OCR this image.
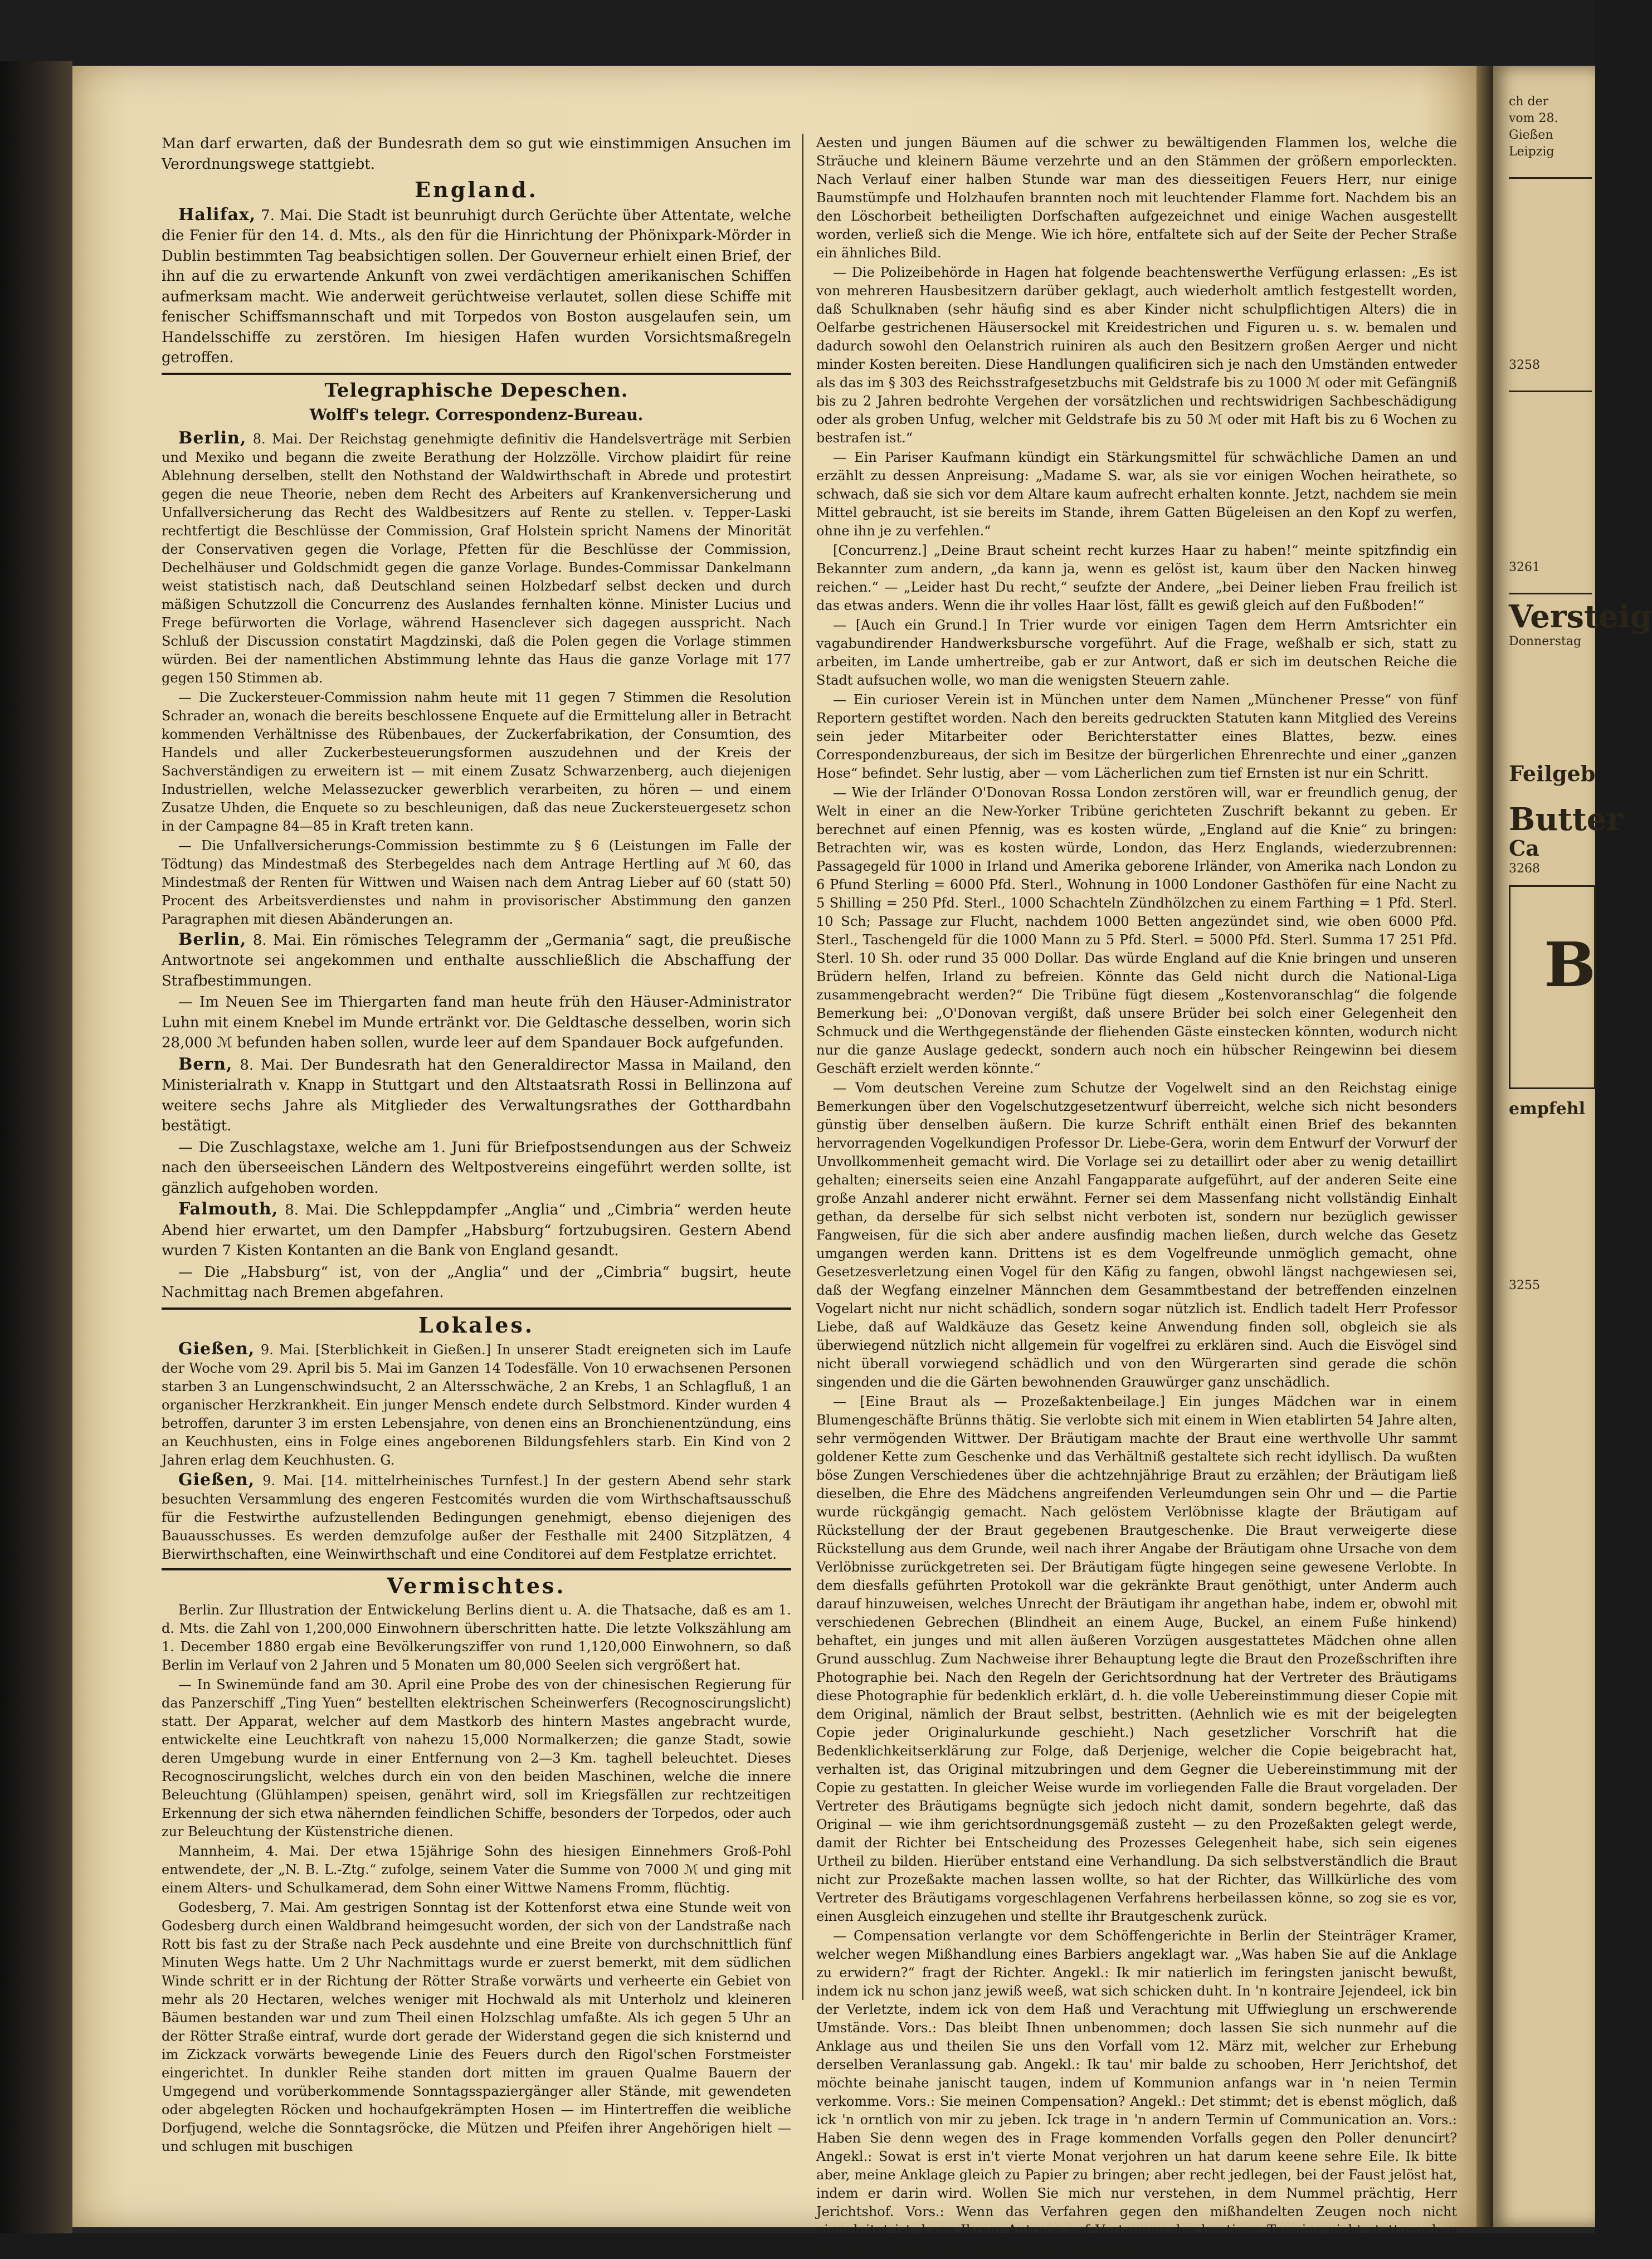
Man darf erwarten, daß der Bundesrath dem so gut wie einstimmigen Ansuchen im Verordnungswege stattgiebt.

England.

Halifax, 7. Mai. Die Stadt ist beunruhigt durch Gerüchte über Attentate, welche die Fenier für den 14. d. Mts., als den für die Hinrichtung der Phönixpark-Mörder in Dublin bestimmten Tag beabsichtigen sollen. Der Gouverneur erhielt einen Brief, der ihn auf die zu erwartende Ankunft von zwei verdächtigen amerikanischen Schiffen aufmerksam macht. Wie anderweit gerüchtweise verlautet, sollen diese Schiffe mit fenischer Schiffsmannschaft und mit Torpedos von Boston ausgelaufen sein, um Handelsschiffe zu zerstören. Im hiesigen Hafen wurden Vorsichtsmaßregeln getroffen.

Telegraphische Depeschen.
Wolff's telegr. Correspondenz-Bureau.

Berlin, 8. Mai. Der Reichstag genehmigte definitiv die Handelsverträge mit Serbien und Mexiko und begann die zweite Berathung der Holzzölle. Virchow plaidirt für reine Ablehnung derselben, stellt den Nothstand der Waldwirthschaft in Abrede und protestirt gegen die neue Theorie, neben dem Recht des Arbeiters auf Krankenversicherung und Unfallversicherung das Recht des Waldbesitzers auf Rente zu stellen. v. Tepper-Laski rechtfertigt die Beschlüsse der Commission, Graf Holstein spricht Namens der Minorität der Conservativen gegen die Vorlage, Pfetten für die Beschlüsse der Commission, Dechelhäuser und Goldschmidt gegen die ganze Vorlage. Bundes-Commissar Dankelmann weist statistisch nach, daß Deutschland seinen Holzbedarf selbst decken und durch mäßigen Schutzzoll die Concurrenz des Auslandes fernhalten könne. Minister Lucius und Frege befürworten die Vorlage, während Hasenclever sich dagegen ausspricht. Nach Schluß der Discussion constatirt Magdzinski, daß die Polen gegen die Vorlage stimmen würden. Bei der namentlichen Abstimmung lehnte das Haus die ganze Vorlage mit 177 gegen 150 Stimmen ab.

— Die Zuckersteuer-Commission nahm heute mit 11 gegen 7 Stimmen die Resolution Schrader an, wonach die bereits beschlossene Enquete auf die Ermittelung aller in Betracht kommenden Verhältnisse des Rübenbaues, der Zuckerfabrikation, der Consumtion, des Handels und aller Zuckerbesteuerungsformen auszudehnen und der Kreis der Sachverständigen zu erweitern ist — mit einem Zusatz Schwarzenberg, auch diejenigen Industriellen, welche Melassezucker gewerblich verarbeiten, zu hören — und einem Zusatze Uhden, die Enquete so zu beschleunigen, daß das neue Zuckersteuergesetz schon in der Campagne 84—85 in Kraft treten kann.

— Die Unfallversicherungs-Commission bestimmte zu § 6 (Leistungen im Falle der Tödtung) das Mindestmaß des Sterbegeldes nach dem Antrage Hertling auf ℳ 60, das Mindestmaß der Renten für Wittwen und Waisen nach dem Antrag Lieber auf 60 (statt 50) Procent des Arbeitsverdienstes und nahm in provisorischer Abstimmung den ganzen Paragraphen mit diesen Abänderungen an.

Berlin, 8. Mai. Ein römisches Telegramm der „Germania“ sagt, die preußische Antwortnote sei angekommen und enthalte ausschließlich die Abschaffung der Strafbestimmungen.

— Im Neuen See im Thiergarten fand man heute früh den Häuser-Administrator Luhn mit einem Knebel im Munde ertränkt vor. Die Geldtasche desselben, worin sich 28,000 ℳ befunden haben sollen, wurde leer auf dem Spandauer Bock aufgefunden.

Bern, 8. Mai. Der Bundesrath hat den Generaldirector Massa in Mailand, den Ministerialrath v. Knapp in Stuttgart und den Altstaatsrath Rossi in Bellinzona auf weitere sechs Jahre als Mitglieder des Verwaltungsrathes der Gotthardbahn bestätigt.

— Die Zuschlagstaxe, welche am 1. Juni für Briefpostsendungen aus der Schweiz nach den überseeischen Ländern des Weltpostvereins eingeführt werden sollte, ist gänzlich aufgehoben worden.

Falmouth, 8. Mai. Die Schleppdampfer „Anglia“ und „Cimbria“ werden heute Abend hier erwartet, um den Dampfer „Habsburg“ fortzubugsiren. Gestern Abend wurden 7 Kisten Kontanten an die Bank von England gesandt.

— Die „Habsburg“ ist, von der „Anglia“ und der „Cimbria“ bugsirt, heute Nachmittag nach Bremen abgefahren.

Lokales.

Gießen, 9. Mai. [Sterblichkeit in Gießen.] In unserer Stadt ereigneten sich im Laufe der Woche vom 29. April bis 5. Mai im Ganzen 14 Todesfälle. Von 10 erwachsenen Personen starben 3 an Lungenschwindsucht, 2 an Altersschwäche, 2 an Krebs, 1 an Schlagfluß, 1 an organischer Herzkrankheit. Ein junger Mensch endete durch Selbstmord. Kinder wurden 4 betroffen, darunter 3 im ersten Lebensjahre, von denen eins an Bronchienentzündung, eins an Keuchhusten, eins in Folge eines angeborenen Bildungsfehlers starb. Ein Kind von 2 Jahren erlag dem Keuchhusten. G.

Gießen, 9. Mai. [14. mittelrheinisches Turnfest.] In der gestern Abend sehr stark besuchten Versammlung des engeren Festcomités wurden die vom Wirthschaftsausschuß für die Festwirthe aufzustellenden Bedingungen genehmigt, ebenso diejenigen des Bauausschusses. Es werden demzufolge außer der Festhalle mit 2400 Sitzplätzen, 4 Bierwirthschaften, eine Weinwirthschaft und eine Conditorei auf dem Festplatze errichtet.

Vermischtes.

Berlin. Zur Illustration der Entwickelung Berlins dient u. A. die Thatsache, daß es am 1. d. Mts. die Zahl von 1,200,000 Einwohnern überschritten hatte. Die letzte Volkszählung am 1. December 1880 ergab eine Bevölkerungsziffer von rund 1,120,000 Einwohnern, so daß Berlin im Verlauf von 2 Jahren und 5 Monaten um 80,000 Seelen sich vergrößert hat.

— In Swinemünde fand am 30. April eine Probe des von der chinesischen Regierung für das Panzerschiff „Ting Yuen“ bestellten elektrischen Scheinwerfers (Recognoscirungslicht) statt. Der Apparat, welcher auf dem Mastkorb des hintern Mastes angebracht wurde, entwickelte eine Leuchtkraft von nahezu 15,000 Normalkerzen; die ganze Stadt, sowie deren Umgebung wurde in einer Entfernung von 2—3 Km. taghell beleuchtet. Dieses Recognoscirungslicht, welches durch ein von den beiden Maschinen, welche die innere Beleuchtung (Glühlampen) speisen, genährt wird, soll im Kriegsfällen zur rechtzeitigen Erkennung der sich etwa nähernden feindlichen Schiffe, besonders der Torpedos, oder auch zur Beleuchtung der Küstenstriche dienen.

Mannheim, 4. Mai. Der etwa 15jährige Sohn des hiesigen Einnehmers Groß-Pohl entwendete, der „N. B. L.-Ztg.“ zufolge, seinem Vater die Summe von 7000 ℳ und ging mit einem Alters- und Schulkamerad, dem Sohn einer Wittwe Namens Fromm, flüchtig.

Godesberg, 7. Mai. Am gestrigen Sonntag ist der Kottenforst etwa eine Stunde weit von Godesberg durch einen Waldbrand heimgesucht worden, der sich von der Landstraße nach Rott bis fast zu der Straße nach Peck ausdehnte und eine Breite von durchschnittlich fünf Minuten Wegs hatte. Um 2 Uhr Nachmittags wurde er zuerst bemerkt, mit dem südlichen Winde schritt er in der Richtung der Rötter Straße vorwärts und verheerte ein Gebiet von mehr als 20 Hectaren, welches weniger mit Hochwald als mit Unterholz und kleineren Bäumen bestanden war und zum Theil einen Holzschlag umfaßte. Als ich gegen 5 Uhr an der Rötter Straße eintraf, wurde dort gerade der Widerstand gegen die sich knisternd und im Zickzack vorwärts bewegende Linie des Feuers durch den Rigol'schen Forstmeister eingerichtet. In dunkler Reihe standen dort mitten im grauen Qualme Bauern der Umgegend und vorüberkommende Sonntagsspaziergänger aller Stände, mit gewendeten oder abgelegten Röcken und hochaufgekrämpten Hosen — im Hintertreffen die weibliche Dorfjugend, welche die Sonntagsröcke, die Mützen und Pfeifen ihrer Angehörigen hielt — und schlugen mit buschigen

Aesten und jungen Bäumen auf die schwer zu bewältigenden Flammen los, welche die Sträuche und kleinern Bäume verzehrte und an den Stämmen der größern emporleckten. Nach Verlauf einer halben Stunde war man des diesseitigen Feuers Herr, nur einige Baumstümpfe und Holzhaufen brannten noch mit leuchtender Flamme fort. Nachdem bis an den Löschorbeit betheiligten Dorfschaften aufgezeichnet und einige Wachen ausgestellt worden, verließ sich die Menge. Wie ich höre, entfaltete sich auf der Seite der Pecher Straße ein ähnliches Bild.

— Die Polizeibehörde in Hagen hat folgende beachtenswerthe Verfügung erlassen: „Es ist von mehreren Hausbesitzern darüber geklagt, auch wiederholt amtlich festgestellt worden, daß Schulknaben (sehr häufig sind es aber Kinder nicht schulpflichtigen Alters) die in Oelfarbe gestrichenen Häusersockel mit Kreidestrichen und Figuren u. s. w. bemalen und dadurch sowohl den Oelanstrich ruiniren als auch den Besitzern großen Aerger und nicht minder Kosten bereiten. Diese Handlungen qualificiren sich je nach den Umständen entweder als das im § 303 des Reichsstrafgesetzbuchs mit Geldstrafe bis zu 1000 ℳ oder mit Gefängniß bis zu 2 Jahren bedrohte Vergehen der vorsätzlichen und rechtswidrigen Sachbeschädigung oder als groben Unfug, welcher mit Geldstrafe bis zu 50 ℳ oder mit Haft bis zu 6 Wochen zu bestrafen ist.“

— Ein Pariser Kaufmann kündigt ein Stärkungsmittel für schwächliche Damen an und erzählt zu dessen Anpreisung: „Madame S. war, als sie vor einigen Wochen heirathete, so schwach, daß sie sich vor dem Altare kaum aufrecht erhalten konnte. Jetzt, nachdem sie mein Mittel gebraucht, ist sie bereits im Stande, ihrem Gatten Bügeleisen an den Kopf zu werfen, ohne ihn je zu verfehlen.“

[Concurrenz.] „Deine Braut scheint recht kurzes Haar zu haben!“ meinte spitzfindig ein Bekannter zum andern, „da kann ja, wenn es gelöst ist, kaum über den Nacken hinweg reichen.“ — „Leider hast Du recht,“ seufzte der Andere, „bei Deiner lieben Frau freilich ist das etwas anders. Wenn die ihr volles Haar löst, fällt es gewiß gleich auf den Fußboden!“

— [Auch ein Grund.] In Trier wurde vor einigen Tagen dem Herrn Amtsrichter ein vagabundirender Handwerksbursche vorgeführt. Auf die Frage, weßhalb er sich, statt zu arbeiten, im Lande umhertreibe, gab er zur Antwort, daß er sich im deutschen Reiche die Stadt aufsuchen wolle, wo man die wenigsten Steuern zahle.

— Ein curioser Verein ist in München unter dem Namen „Münchener Presse“ von fünf Reportern gestiftet worden. Nach den bereits gedruckten Statuten kann Mitglied des Vereins sein jeder Mitarbeiter oder Berichterstatter eines Blattes, bezw. eines Correspondenzbureaus, der sich im Besitze der bürgerlichen Ehrenrechte und einer „ganzen Hose“ befindet. Sehr lustig, aber — vom Lächerlichen zum tief Ernsten ist nur ein Schritt.

— Wie der Irländer O'Donovan Rossa London zerstören will, war er freundlich genug, der Welt in einer an die New-Yorker Tribüne gerichteten Zuschrift bekannt zu geben. Er berechnet auf einen Pfennig, was es kosten würde, „England auf die Knie“ zu bringen: Betrachten wir, was es kosten würde, London, das Herz Englands, wiederzubrennen: Passagegeld für 1000 in Irland und Amerika geborene Irländer, von Amerika nach London zu 6 Pfund Sterling = 6000 Pfd. Sterl., Wohnung in 1000 Londoner Gasthöfen für eine Nacht zu 5 Shilling = 250 Pfd. Sterl., 1000 Schachteln Zündhölzchen zu einem Farthing = 1 Pfd. Sterl. 10 Sch; Passage zur Flucht, nachdem 1000 Betten angezündet sind, wie oben 6000 Pfd. Sterl., Taschengeld für die 1000 Mann zu 5 Pfd. Sterl. = 5000 Pfd. Sterl. Summa 17 251 Pfd. Sterl. 10 Sh. oder rund 35 000 Dollar. Das würde England auf die Knie bringen und unseren Brüdern helfen, Irland zu befreien. Könnte das Geld nicht durch die National-Liga zusammengebracht werden?“ Die Tribüne fügt diesem „Kostenvoranschlag“ die folgende Bemerkung bei: „O'Donovan vergißt, daß unsere Brüder bei solch einer Gelegenheit den Schmuck und die Werthgegenstände der fliehenden Gäste einstecken könnten, wodurch nicht nur die ganze Auslage gedeckt, sondern auch noch ein hübscher Reingewinn bei diesem Geschäft erzielt werden könnte.“

— Vom deutschen Vereine zum Schutze der Vogelwelt sind an den Reichstag einige Bemerkungen über den Vogelschutzgesetzentwurf überreicht, welche sich nicht besonders günstig über denselben äußern. Die kurze Schrift enthält einen Brief des bekannten hervorragenden Vogelkundigen Professor Dr. Liebe-Gera, worin dem Entwurf der Vorwurf der Unvollkommenheit gemacht wird. Die Vorlage sei zu detaillirt oder aber zu wenig detaillirt gehalten; einerseits seien eine Anzahl Fangapparate aufgeführt, auf der anderen Seite eine große Anzahl anderer nicht erwähnt. Ferner sei dem Massenfang nicht vollständig Einhalt gethan, da derselbe für sich selbst nicht verboten ist, sondern nur bezüglich gewisser Fangweisen, für die sich aber andere ausfindig machen ließen, durch welche das Gesetz umgangen werden kann. Drittens ist es dem Vogelfreunde unmöglich gemacht, ohne Gesetzesverletzung einen Vogel für den Käfig zu fangen, obwohl längst nachgewiesen sei, daß der Wegfang einzelner Männchen dem Gesammtbestand der betreffenden einzelnen Vogelart nicht nur nicht schädlich, sondern sogar nützlich ist. Endlich tadelt Herr Professor Liebe, daß auf Waldkäuze das Gesetz keine Anwendung finden soll, obgleich sie als überwiegend nützlich nicht allgemein für vogelfrei zu erklären sind. Auch die Eisvögel sind nicht überall vorwiegend schädlich und von den Würgerarten sind gerade die schön singenden und die die Gärten bewohnenden Grauwürger ganz unschädlich.

— [Eine Braut als — Prozeßaktenbeilage.] Ein junges Mädchen war in einem Blumengeschäfte Brünns thätig. Sie verlobte sich mit einem in Wien etablirten 54 Jahre alten, sehr vermögenden Wittwer. Der Bräutigam machte der Braut eine werthvolle Uhr sammt goldener Kette zum Geschenke und das Verhältniß gestaltete sich recht idyllisch. Da wußten böse Zungen Verschiedenes über die achtzehnjährige Braut zu erzählen; der Bräutigam ließ dieselben, die Ehre des Mädchens angreifenden Verleumdungen sein Ohr und — die Partie wurde rückgängig gemacht. Nach gelöstem Verlöbnisse klagte der Bräutigam auf Rückstellung der der Braut gegebenen Brautgeschenke. Die Braut verweigerte diese Rückstellung aus dem Grunde, weil nach ihrer Angabe der Bräutigam ohne Ursache von dem Verlöbnisse zurückgetreten sei. Der Bräutigam fügte hingegen seine gewesene Verlobte. In dem diesfalls geführten Protokoll war die gekränkte Braut genöthigt, unter Anderm auch darauf hinzuweisen, welches Unrecht der Bräutigam ihr angethan habe, indem er, obwohl mit verschiedenen Gebrechen (Blindheit an einem Auge, Buckel, an einem Fuße hinkend) behaftet, ein junges und mit allen äußeren Vorzügen ausgestattetes Mädchen ohne allen Grund ausschlug. Zum Nachweise ihrer Behauptung legte die Braut den Prozeßschriften ihre Photographie bei. Nach den Regeln der Gerichtsordnung hat der Vertreter des Bräutigams diese Photographie für bedenklich erklärt, d. h. die volle Uebereinstimmung dieser Copie mit dem Original, nämlich der Braut selbst, bestritten. (Aehnlich wie es mit der beigelegten Copie jeder Originalurkunde geschieht.) Nach gesetzlicher Vorschrift hat die Bedenklichkeitserklärung zur Folge, daß Derjenige, welcher die Copie beigebracht hat, verhalten ist, das Original mitzubringen und dem Gegner die Uebereinstimmung mit der Copie zu gestatten. In gleicher Weise wurde im vorliegenden Falle die Braut vorgeladen. Der Vertreter des Bräutigams begnügte sich jedoch nicht damit, sondern begehrte, daß das Original — wie ihm gerichtsordnungsgemäß zusteht — zu den Prozeßakten gelegt werde, damit der Richter bei Entscheidung des Prozesses Gelegenheit habe, sich sein eigenes Urtheil zu bilden. Hierüber entstand eine Verhandlung. Da sich selbstverständlich die Braut nicht zur Prozeßakte machen lassen wollte, so hat der Richter, das Willkürliche des vom Vertreter des Bräutigams vorgeschlagenen Verfahrens herbeilassen könne, so zog sie es vor, einen Ausgleich einzugehen und stellte ihr Brautgeschenk zurück.

— Compensation verlangte vor dem Schöffengerichte in Berlin der Steinträger Kramer, welcher wegen Mißhandlung eines Barbiers angeklagt war. „Was haben Sie auf die Anklage zu erwidern?“ fragt der Richter. Angekl.: Ik mir natierlich im feringsten janischt bewußt, indem ick nu schon janz jewiß weeß, wat sich schicken duht. In 'n kontraire Jejendeel, ick bin der Verletzte, indem ick von dem Haß und Verachtung mit Uffwieglung un erschwerende Umstände. Vors.: Das bleibt Ihnen unbenommen; doch lassen Sie sich nunmehr auf die Anklage aus und theilen Sie uns den Vorfall vom 12. März mit, welcher zur Erhebung derselben Veranlassung gab. Angekl.: Ik tau' mir balde zu schooben, Herr Jerichtshof, det möchte beinahe janischt taugen, indem uf Kommunion anfangs war in 'n neien Termin verkomme. Vors.: Sie meinen Compensation? Angekl.: Det stimmt; det is ebenst möglich, daß ick 'n orntlich von mir zu jeben. Ick trage in 'n andern Termin uf Communication an. Vors.: Haben Sie denn wegen des in Frage kommenden Vorfalls gegen den Poller denuncirt? Angekl.: Sowat is erst in't vierte Monat verjohren un hat darum keene sehre Eile. Ik bitte aber, meine Anklage gleich zu Papier zu bringen; aber recht jedlegen, bei der Faust jelöst hat, indem er darin wird. Wollen Sie mich nur verstehen, in dem Nummel prächtig, Herr Jerichtshof. Vors.: Wenn das Verfahren gegen den mißhandelten Zeugen noch nicht eingeleitet ist, kann Ihrem Antrage auf Vertagung des heutigen Termins nicht stattgegeben werden. Erzählen Sie nunmehr den Sachverhalt

ch der
vom 28.
Gießen
Leipzig
3258
3261
Versteig
Donnerstag
Feilgeb
Butter
Ca
3268
B
empfehl
3255
